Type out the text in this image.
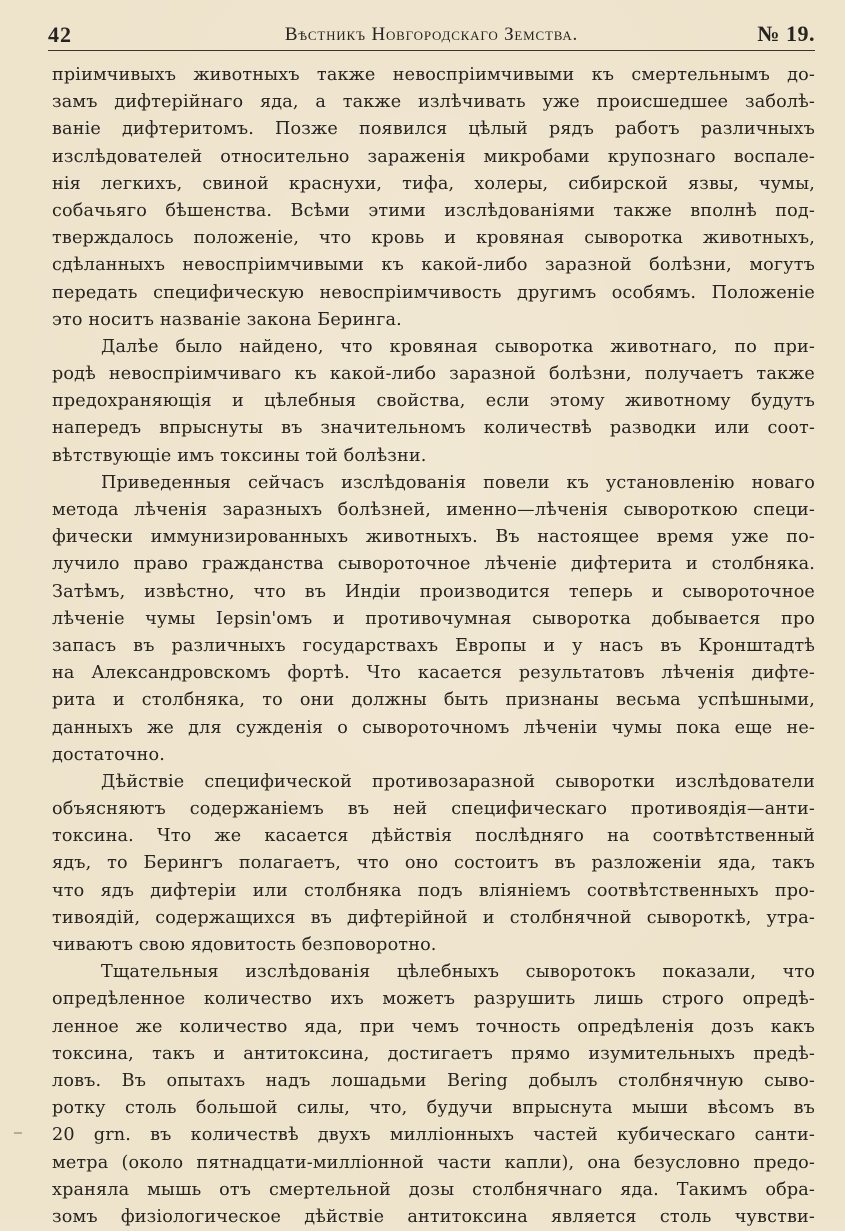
42	Вѣстникъ Новгородскаго Земства.	№ 19.
пріимчивыхъ животныхъ также невоспріимчивыми къ смертельнымъ до-
замъ дифтерійнаго яда, а также излѣчивать уже происшедшее заболѣ-
ваніе дифтеритомъ. Позже появился цѣлый рядъ работъ различныхъ
изслѣдователей относительно зараженія микробами крупознаго воспале-
нія легкихъ, свиной краснухи, тифа, холеры, сибирской язвы, чумы,
собачьяго бѣшенства. Всѣми этими изслѣдованіями также вполнѣ под-
тверждалось положеніе, что кровь и кровяная сыворотка животныхъ,
сдѣланныхъ невоспріимчивыми къ какой-либо заразной болѣзни, могутъ
передать специфическую невоспріимчивость другимъ особямъ. Положеніе
это носитъ названіе закона Беринга.
Далѣе было найдено, что кровяная сыворотка животнаго, по при-
родѣ невоспріимчиваго къ какой-либо заразной болѣзни, получаетъ также
предохраняющія и цѣлебныя свойства, если этому животному будутъ
напередъ впрыснуты въ значительномъ количествѣ разводки или соот-
вѣтствующіе имъ токсины той болѣзни.
Приведенныя сейчасъ изслѣдованія повели къ установленію новаго
метода лѣченія заразныхъ болѣзней, именно—лѣченія сывороткою специ-
фически иммунизированныхъ животныхъ. Въ настоящее время уже по-
лучило право гражданства сывороточное лѣченіе дифтерита и столбняка.
Затѣмъ, извѣстно, что въ Индіи производится теперь и сывороточное
лѣченіе чумы Iepsin'омъ и противочумная сыворотка добывается про
запасъ въ различныхъ государствахъ Европы и у насъ въ Кронштадтѣ
на Александровскомъ фортѣ. Что касается результатовъ лѣченія дифте-
рита и столбняка, то они должны быть признаны весьма успѣшными,
данныхъ же для сужденія о сывороточномъ лѣченіи чумы пока еще не-
достаточно.
Дѣйствіе специфической противозаразной сыворотки изслѣдователи
объясняютъ содержаніемъ въ ней специфическаго противоядія—анти-
токсина. Что же касается дѣйствія послѣдняго на соотвѣтственный
ядъ, то Берингъ полагаетъ, что оно состоитъ въ разложеніи яда, такъ
что ядъ дифтеріи или столбняка подъ вліяніемъ соотвѣтственныхъ про-
тивоядій, содержащихся въ дифтерійной и столбнячной сывороткѣ, утра-
чиваютъ свою ядовитость безповоротно.
Тщательныя изслѣдованія цѣлебныхъ сыворотокъ показали, что
опредѣленное количество ихъ можетъ разрушить лишь строго опредѣ-
ленное же количество яда, при чемъ точность опредѣленія дозъ какъ
токсина, такъ и антитоксина, достигаетъ прямо изумительныхъ предѣ-
ловъ. Въ опытахъ надъ лошадьми Bering добылъ столбнячную сыво-
ротку столь большой силы, что, будучи впрыснута мыши вѣсомъ въ
20 grn. въ количествѣ двухъ милліонныхъ частей кубическаго санти-
метра (около пятнадцати-милліонной части капли), она безусловно предо-
храняла мышь отъ смертельной дозы столбнячнаго яда. Такимъ обра-
зомъ физіологическое дѣйствіе антитоксина является столь чувстви-
